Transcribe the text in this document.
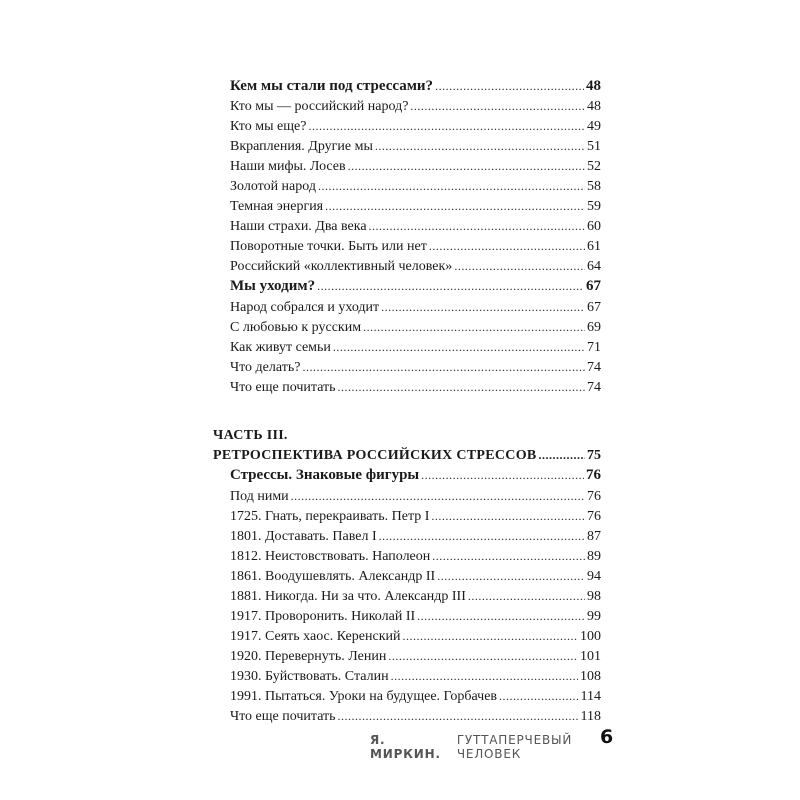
Кем мы стали под стрессами? .....	48
Кто мы — российский народ? .....	48
Кто мы еще? .....	49
Вкрапления. Другие мы .....	51
Наши мифы. Лосев .....	52
Золотой народ .....	58
Темная энергия .....	59
Наши страхи. Два века .....	60
Поворотные точки. Быть или нет .....	61
Российский «коллективный человек» .....	64
Мы уходим? .....	67
Народ собрался и уходит .....	67
С любовью к русским .....	69
Как живут семьи .....	71
Что делать? .....	74
Что еще почитать .....	74
ЧАСТЬ III.
РЕТРОСПЕКТИВА РОССИЙСКИХ СТРЕССОВ .....	75
Стрессы. Знаковые фигуры .....	76
Под ними .....	76
1725. Гнать, перекраивать. Петр I .....	76
1801. Доставать. Павел I .....	87
1812. Неистовствовать. Наполеон .....	89
1861. Воодушевлять. Александр II .....	94
1881. Никогда. Ни за что. Александр III .....	98
1917. Проворонить. Николай II .....	99
1917. Сеять хаос. Керенский .....	100
1920. Перевернуть. Ленин .....	101
1930. Буйствовать. Сталин .....	108
1991. Пытаться. Уроки на будущее. Горбачев .....	114
Что еще почитать .....	118
Я. МИРКИН.
ГУТТАПЕРЧЕВЫЙ ЧЕЛОВЕК
6
